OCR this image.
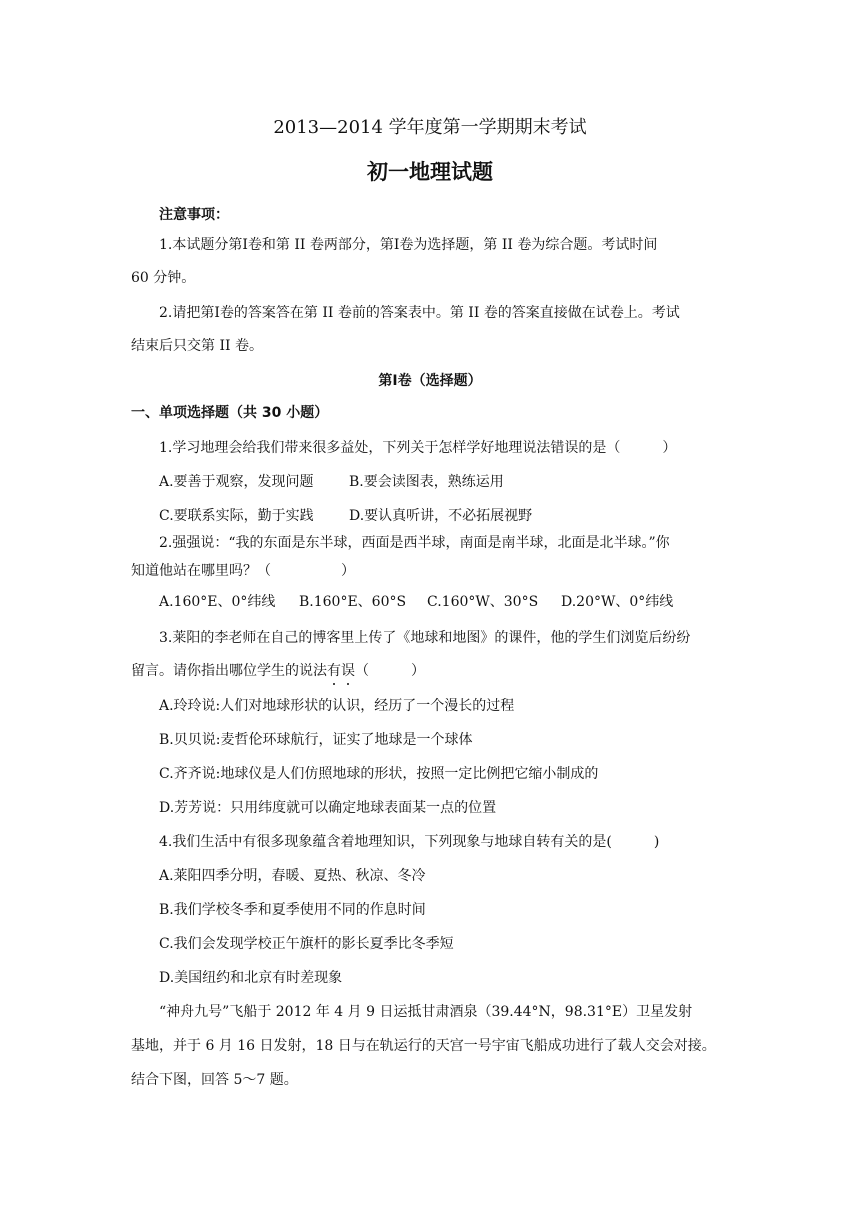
2013—2014 学年度第一学期期末考试
初一地理试题
注意事项：
1.本试题分第Ⅰ卷和第 II 卷两部分，第Ⅰ卷为选择题，第 II 卷为综合题。考试时间
60 分钟。
2.请把第Ⅰ卷的答案答在第 II 卷前的答案表中。第 II 卷的答案直接做在试卷上。考试
结束后只交第 II 卷。
第Ⅰ卷（选择题）
一、单项选择题（共 30 小题）
1.学习地理会给我们带来很多益处，下列关于怎样学好地理说法错误的是（　　　）
A.要善于观察，发现问题	B.要会读图表，熟练运用
C.要联系实际，勤于实践	D.要认真听讲，不必拓展视野
2.强强说：“我的东面是东半球，西面是西半球，南面是南半球，北面是北半球。”你
知道他站在哪里吗？（　　　　　）
A.160°E、0°纬线 B.160°E、60°S C.160°W、30°S D.20°W、0°纬线
3.莱阳的李老师在自己的博客里上传了《地球和地图》的课件，他的学生们浏览后纷纷
留言。请你指出哪位学生的说法有误（　　　）
A.玲玲说:人们对地球形状的认识，经历了一个漫长的过程
B.贝贝说:麦哲伦环球航行，证实了地球是一个球体
C.齐齐说:地球仪是人们仿照地球的形状，按照一定比例把它缩小制成的
D.芳芳说：只用纬度就可以确定地球表面某一点的位置
4.我们生活中有很多现象蕴含着地理知识，下列现象与地球自转有关的是(　　　)
A.莱阳四季分明，春暖、夏热、秋凉、冬冷
B.我们学校冬季和夏季使用不同的作息时间
C.我们会发现学校正午旗杆的影长夏季比冬季短
D.美国纽约和北京有时差现象
“神舟九号”飞船于 2012 年 4 月 9 日运抵甘肃酒泉（39.44°N，98.31°E）卫星发射
基地，并于 6 月 16 日发射，18 日与在轨运行的天宫一号宇宙飞船成功进行了载人交会对接。
结合下图，回答 5～7 题。
